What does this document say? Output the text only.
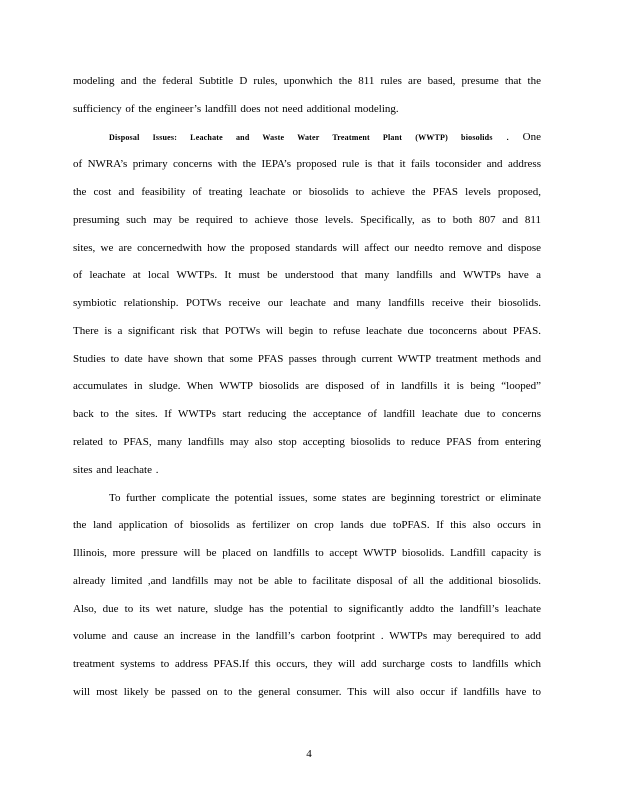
modeling and the federal Subtitle D rules, uponwhich the 811 rules are based, presume that the
sufficiency of the engineer’s landfill does not need additional modeling.
Disposal Issues: Leachate and Waste Water Treatment Plant (WWTP) biosolids . One
of NWRA’s primary concerns with the IEPA’s proposed rule is that it fails toconsider and address
the cost and feasibility of treating leachate or biosolids to achieve the PFAS levels proposed,
presuming such may be required to achieve those levels. Specifically, as to both 807 and 811
sites, we are concernedwith how the proposed standards will affect our needto remove and dispose
of leachate at local WWTPs. It must be understood that many landfills and WWTPs have a
symbiotic relationship. POTWs receive our leachate and many landfills receive their biosolids.
There is a significant risk that POTWs will begin to refuse leachate due toconcerns about PFAS.
Studies to date have shown that some PFAS passes through current WWTP treatment methods and
accumulates in sludge. When WWTP biosolids are disposed of in landfills it is being “looped”
back to the sites. If WWTPs start reducing the acceptance of landfill leachate due to concerns
related to PFAS, many landfills may also stop accepting biosolids to reduce PFAS from entering
sites and leachate .
To further complicate the potential issues, some states are beginning torestrict or eliminate
the land application of biosolids as fertilizer on crop lands due toPFAS. If this also occurs in
Illinois, more pressure will be placed on landfills to accept WWTP biosolids. Landfill capacity is
already limited ,and landfills may not be able to facilitate disposal of all the additional biosolids.
Also, due to its wet nature, sludge has the potential to significantly addto the landfill’s leachate
volume and cause an increase in the landfill’s carbon footprint . WWTPs may berequired to add
treatment systems to address PFAS.If this occurs, they will add surcharge costs to landfills which
will most likely be passed on to the general consumer. This will also occur if landfills have to
4
